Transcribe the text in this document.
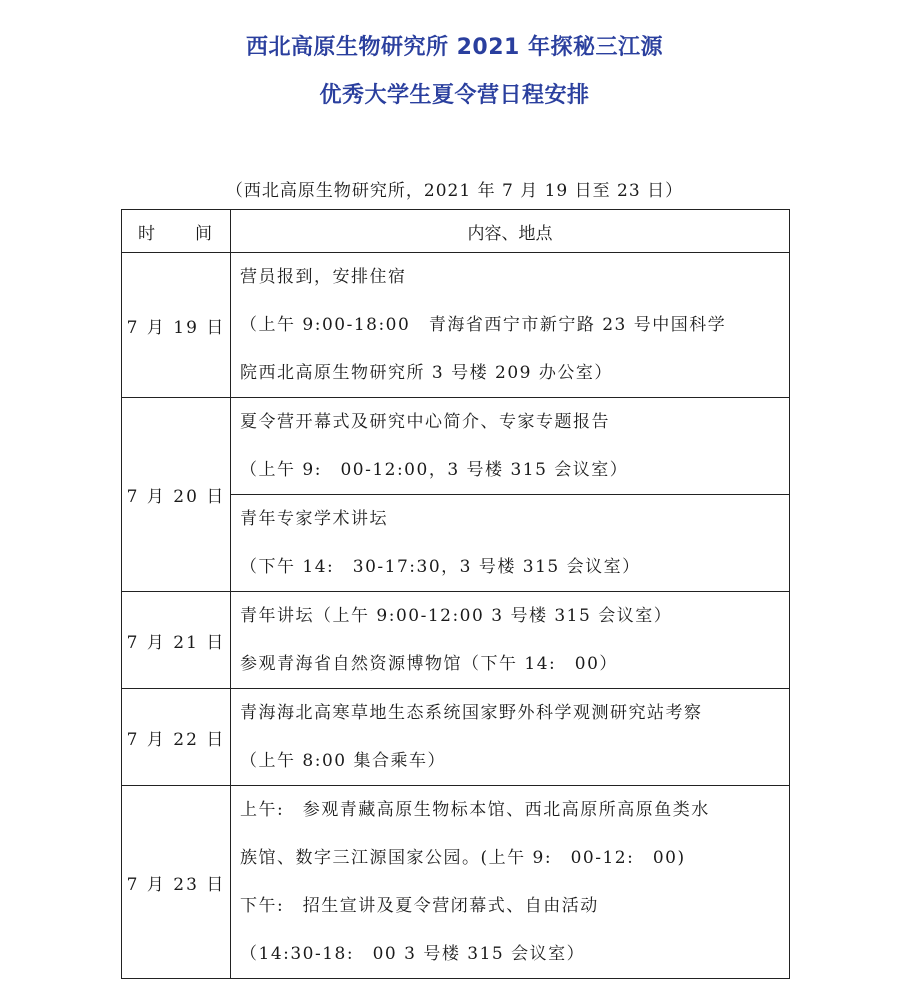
西北高原生物研究所 2021 年探秘三江源
优秀大学生夏令营日程安排
（西北高原生物研究所，2021 年 7 月 19 日至 23 日）
时　　间	内容、地点
7 月 19 日	营员报到，安排住宿
（上午 9:00-18:00　青海省西宁市新宁路 23 号中国科学
院西北高原生物研究所 3 号楼 209 办公室）

7 月 20 日	夏令营开幕式及研究中心简介、专家专题报告
（上午 9:　00-12:00，3 号楼 315 会议室）

	青年专家学术讲坛
（下午 14:　30-17:30，3 号楼 315 会议室）

7 月 21 日	青年讲坛（上午 9:00-12:00 3 号楼 315 会议室）
参观青海省自然资源博物馆（下午 14:　00）

7 月 22 日	青海海北高寒草地生态系统国家野外科学观测研究站考察
（上午 8:00 集合乘车）

7 月 23 日	上午:　参观青藏高原生物标本馆、西北高原所高原鱼类水
族馆、数字三江源国家公园。(上午 9:　00-12:　00)
下午:　招生宣讲及夏令营闭幕式、自由活动
（14:30-18:　00 3 号楼 315 会议室）
